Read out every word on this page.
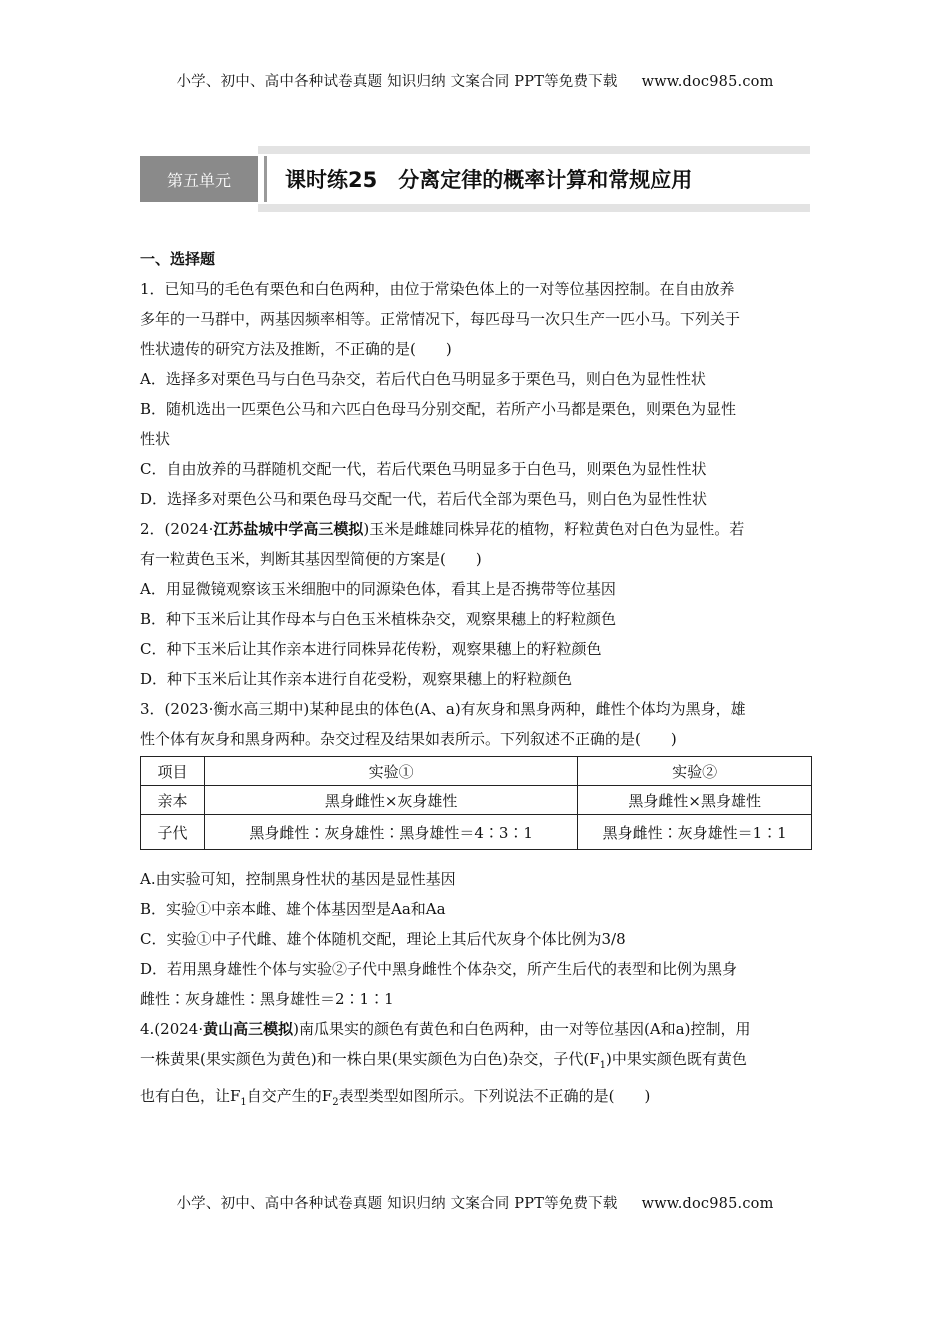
小学、初中、高中各种试卷真题 知识归纳 文案合同 PPT等免费下载 www.doc985.com
第五单元	课时练25　分离定律的概率计算和常规应用
一、选择题
1．已知马的毛色有栗色和白色两种，由位于常染色体上的一对等位基因控制。在自由放养
多年的一马群中，两基因频率相等。正常情况下，每匹母马一次只生产一匹小马。下列关于
性状遗传的研究方法及推断，不正确的是(　　)
A．选择多对栗色马与白色马杂交，若后代白色马明显多于栗色马，则白色为显性性状
B．随机选出一匹栗色公马和六匹白色母马分别交配，若所产小马都是栗色，则栗色为显性
性状
C．自由放养的马群随机交配一代，若后代栗色马明显多于白色马，则栗色为显性性状
D．选择多对栗色公马和栗色母马交配一代，若后代全部为栗色马，则白色为显性性状
2．(2024·江苏盐城中学高三模拟)玉米是雌雄同株异花的植物，籽粒黄色对白色为显性。若
有一粒黄色玉米，判断其基因型简便的方案是(　　)
A．用显微镜观察该玉米细胞中的同源染色体，看其上是否携带等位基因
B．种下玉米后让其作母本与白色玉米植株杂交，观察果穗上的籽粒颜色
C．种下玉米后让其作亲本进行同株异花传粉，观察果穗上的籽粒颜色
D．种下玉米后让其作亲本进行自花受粉，观察果穗上的籽粒颜色
3．(2023·衡水高三期中)某种昆虫的体色(A、a)有灰身和黑身两种，雌性个体均为黑身，雄
性个体有灰身和黑身两种。杂交过程及结果如表所示。下列叙述不正确的是(　　)
项目	实验①	实验②
亲本	黑身雌性×灰身雄性	黑身雌性×黑身雄性
子代	黑身雌性∶灰身雄性∶黑身雄性＝4∶3∶1	黑身雌性∶灰身雄性＝1∶1
A.由实验可知，控制黑身性状的基因是显性基因
B．实验①中亲本雌、雄个体基因型是Aa和Aa
C．实验①中子代雌、雄个体随机交配，理论上其后代灰身个体比例为3/8
D．若用黑身雄性个体与实验②子代中黑身雌性个体杂交，所产生后代的表型和比例为黑身
雌性∶灰身雄性∶黑身雄性＝2∶1∶1
4.(2024·黄山高三模拟)南瓜果实的颜色有黄色和白色两种，由一对等位基因(A和a)控制，用
一株黄果(果实颜色为黄色)和一株白果(果实颜色为白色)杂交，子代$(F_1)$中果实颜色既有黄色
也有白色，让$F_1$自交产生的$F_2$表型类型如图所示。下列说法不正确的是(　　)
小学、初中、高中各种试卷真题 知识归纳 文案合同 PPT等免费下载 www.doc985.com
